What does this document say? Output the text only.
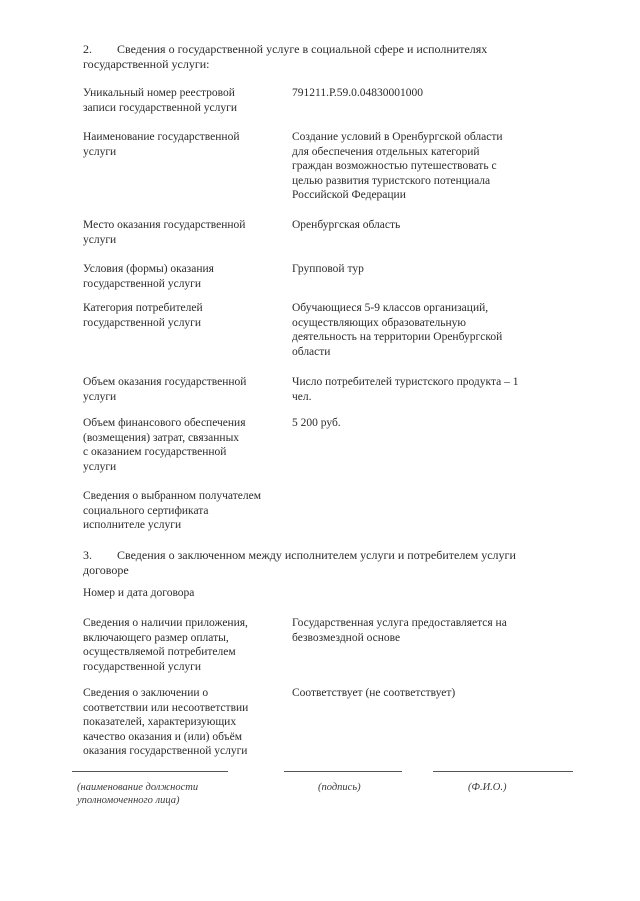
2. Сведения о государственной услуге в социальной сфере и исполнителях государственной услуги:
Уникальный номер реестровой
записи государственной услуги
791211.Р.59.0.04830001000
Наименование государственной
услуги
Создание условий в Оренбургской области
для обеспечения отдельных категорий
граждан возможностью путешествовать с
целью развития туристского потенциала
Российской Федерации
Место оказания государственной
услуги
Оренбургская область
Условия (формы) оказания
государственной услуги
Групповой тур
Категория потребителей
государственной услуги
Обучающиеся 5-9 классов организаций,
осуществляющих образовательную
деятельность на территории Оренбургской
области
Объем оказания государственной
услуги
Число потребителей туристского продукта – 1
чел.
Объем финансового обеспечения
(возмещения) затрат, связанных
с оказанием государственной
услуги
5 200 руб.
Сведения о выбранном получателем
социального сертификата
исполнителе услуги
3. Сведения о заключенном между исполнителем услуги и потребителем услуги договоре
Номер и дата договора
Сведения о наличии приложения,
включающего размер оплаты,
осуществляемой потребителем
государственной услуги
Государственная услуга предоставляется на
безвозмездной основе
Сведения о заключении о
соответствии или несоответствии
показателей, характеризующих
качество оказания и (или) объём
оказания государственной услуги
Соответствует (не соответствует)
(наименование должности
уполномоченного лица)
(подпись)	(Ф.И.О.)
